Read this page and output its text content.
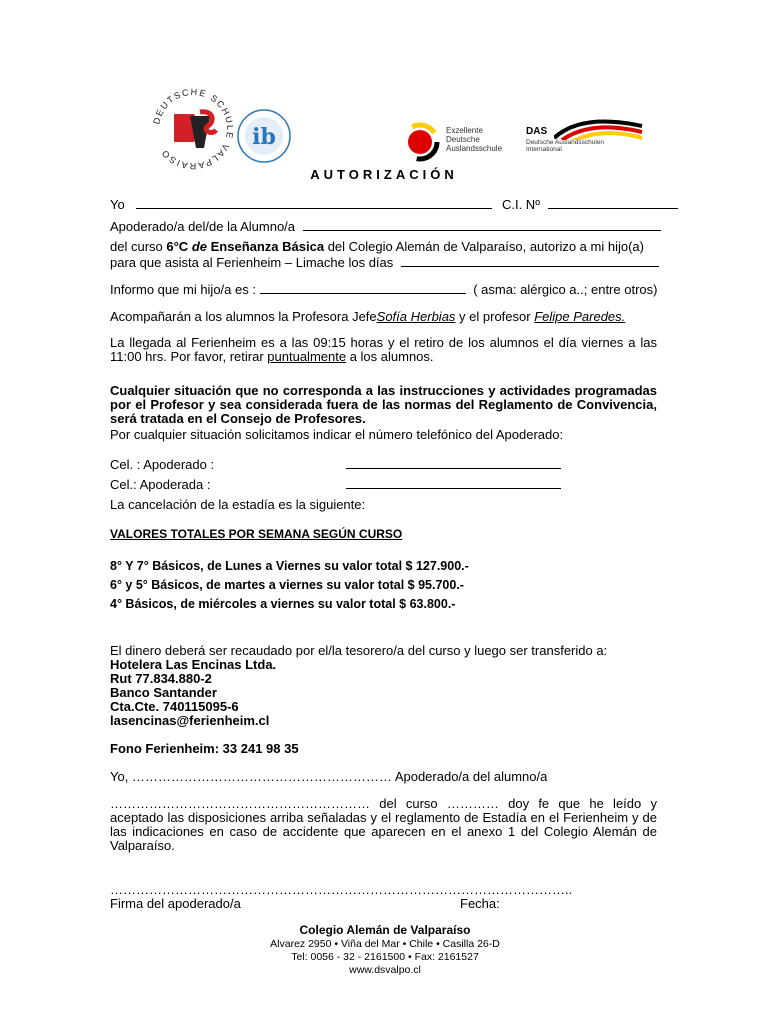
DEUTSCHE SCHULE VALPARAISO
ib	Exzellente
Deutsche
Auslandsschule
DAS
Deutsche Auslandsschulen
International
AUTORIZACIÓN
Yo	C.I. Nº
Apoderado/a del/de la Alumno/a
del curso 6°C de Enseñanza Básica del Colegio Alemán de Valparaíso, autorizo a mi hijo(a)
para que asista al Ferienheim – Limache los días
Informo que mi hijo/a es :	( asma: alérgico a..; entre otros)
Acompañarán a los alumnos la Profesora JefeSofía Herbias y el profesor Felipe Paredes.
La llegada al Ferienheim es a las 09:15 horas y el retiro de los alumnos el día viernes a las 11:00 hrs. Por favor, retirar puntualmente a los alumnos.
Cualquier situación que no corresponda a las instrucciones y actividades programadas por el Profesor y sea considerada fuera de las normas del Reglamento de Convivencia, será tratada en el Consejo de Profesores.
Por cualquier situación solicitamos indicar el número telefónico del Apoderado:
Cel. : Apoderado :
Cel.: Apoderada :
La cancelación de la estadía es la siguiente:
VALORES TOTALES POR SEMANA SEGÚN CURSO
8° Y 7° Básicos, de Lunes a Viernes su valor total $ 127.900.-
6° y 5° Básicos, de martes a viernes su valor total $ 95.700.-
4° Básicos, de miércoles a viernes su valor total $ 63.800.-
El dinero deberá ser recaudado por el/la tesorero/a del curso y luego ser transferido a:
Hotelera Las Encinas Ltda.
Rut 77.834.880-2
Banco Santander
Cta.Cte. 740115095-6
lasencinas@ferienheim.cl
Fono Ferienheim: 33 241 98 35
Yo, …………………………………………………… Apoderado/a del alumno/a
…………………………………………………… del curso ………… doy fe que he leído y aceptado las disposiciones arriba señaladas y el reglamento de Estadía en el Ferienheim y de las indicaciones en caso de accidente que aparecen en el anexo 1 del Colegio Alemán de Valparaíso.
……………………………………………………………………………………………..
Firma del apoderado/a	Fecha:
Colegio Alemán de Valparaíso
Alvarez 2950 • Viña del Mar • Chile • Casilla 26-D
Tel: 0056 - 32 - 2161500 • Fax: 2161527
www.dsvalpo.cl
